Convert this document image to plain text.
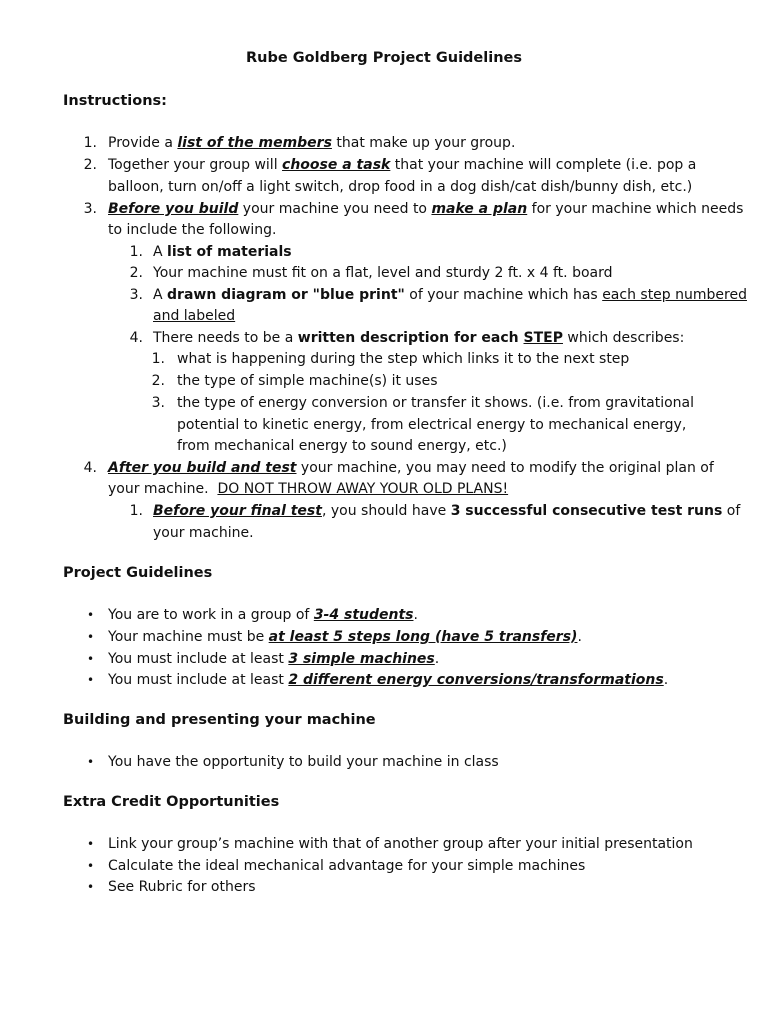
Rube Goldberg Project Guidelines
Instructions:
1. Provide a list of the members that make up your group.
2. Together your group will choose a task that your machine will complete (i.e. pop a
balloon, turn on/off a light switch, drop food in a dog dish/cat dish/bunny dish, etc.)
3. Before you build your machine you need to make a plan for your machine which needs
to include the following.
1. A list of materials
2. Your machine must fit on a flat, level and sturdy 2 ft. x 4 ft. board
3. A drawn diagram or "blue print" of your machine which has each step numbered
and labeled
4. There needs to be a written description for each STEP which describes:
1. what is happening during the step which links it to the next step
2. the type of simple machine(s) it uses
3. the type of energy conversion or transfer it shows. (i.e. from gravitational
potential to kinetic energy, from electrical energy to mechanical energy,
from mechanical energy to sound energy, etc.)
4. After you build and test your machine, you may need to modify the original plan of
your machine.  DO NOT THROW AWAY YOUR OLD PLANS!
1. Before your final test, you should have 3 successful consecutive test runs of
your machine.
Project Guidelines
• You are to work in a group of 3-4 students.
• Your machine must be at least 5 steps long (have 5 transfers).
• You must include at least 3 simple machines.
• You must include at least 2 different energy conversions/transformations.
Building and presenting your machine
• You have the opportunity to build your machine in class
Extra Credit Opportunities
• Link your group’s machine with that of another group after your initial presentation
• Calculate the ideal mechanical advantage for your simple machines
• See Rubric for others
